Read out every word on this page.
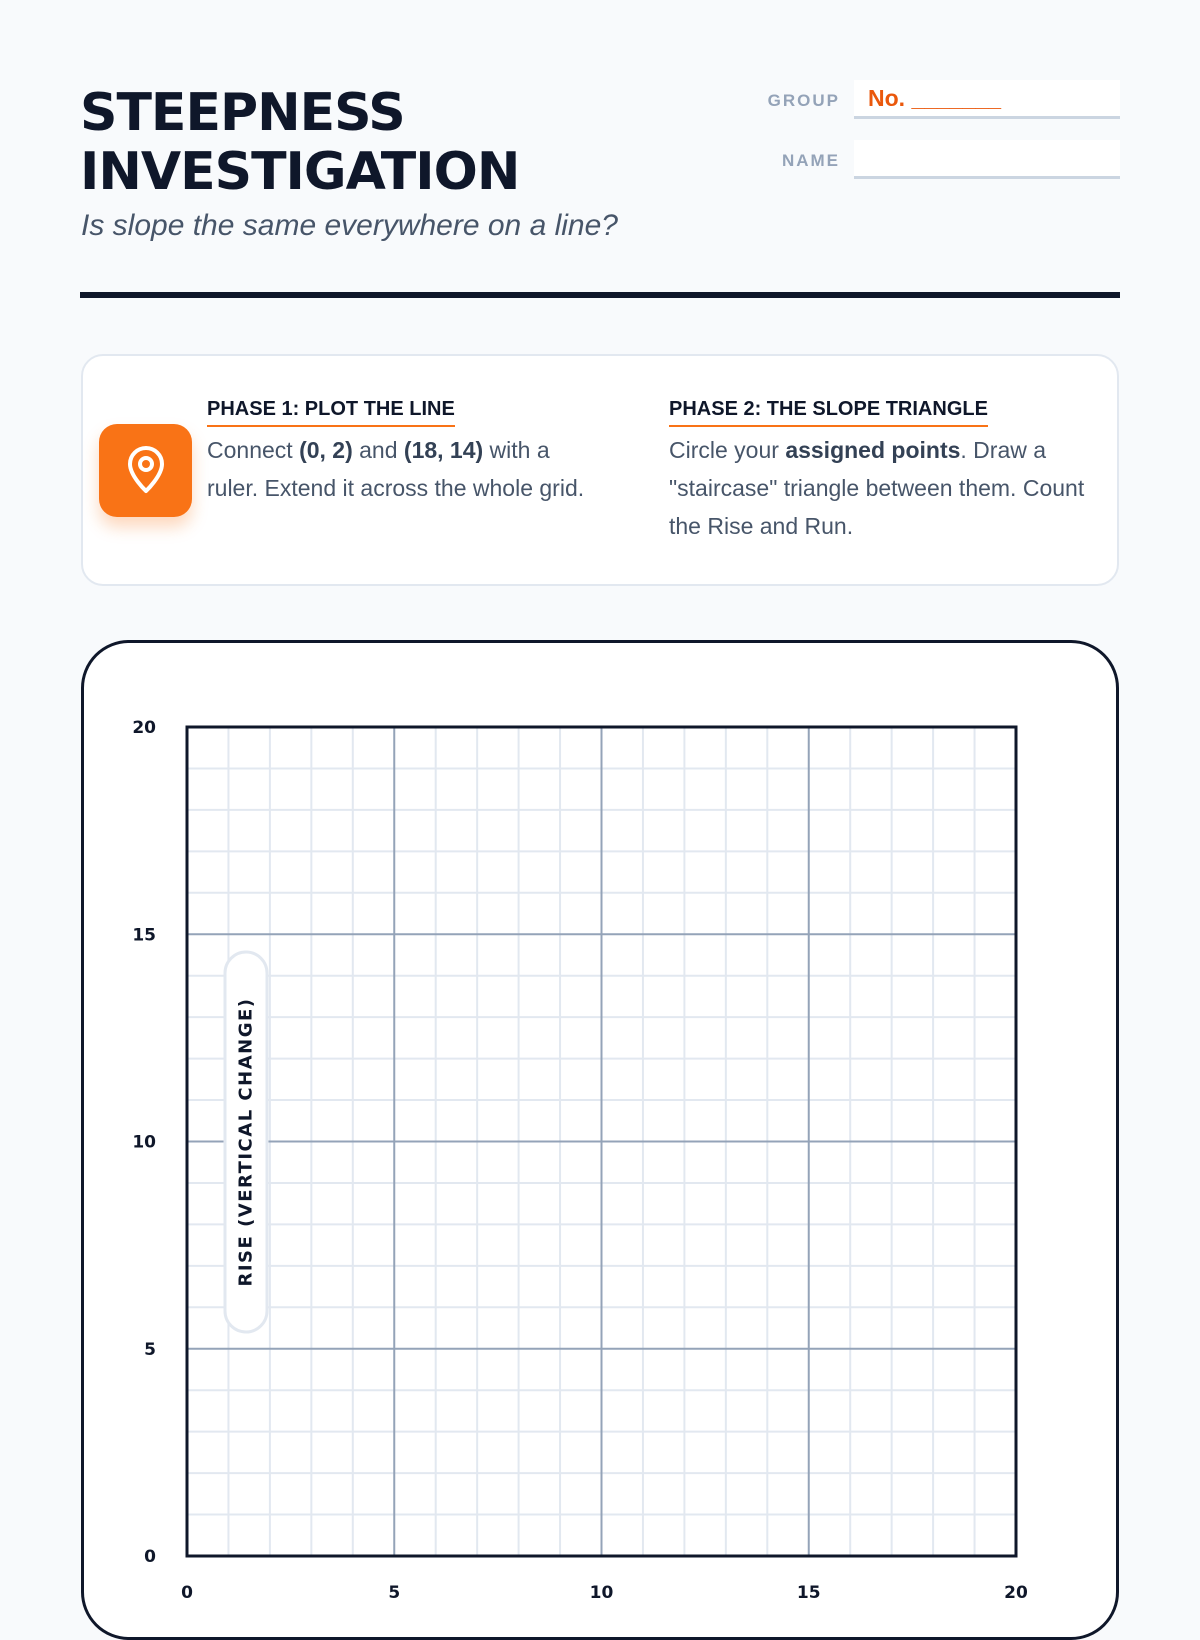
STEEPNESS
INVESTIGATION
Is slope the same everywhere on a line?
GROUP No. _______
NAME
PHASE 1: PLOT THE LINE
Connect (0, 2) and (18, 14) with a ruler. Extend it across the whole grid.
PHASE 2: THE SLOPE TRIANGLE
Circle your assigned points. Draw a "staircase" triangle between them. Count the Rise and Run.
0
5
10
15
20
0	5	10	15	20
RISE (VERTICAL CHANGE)
